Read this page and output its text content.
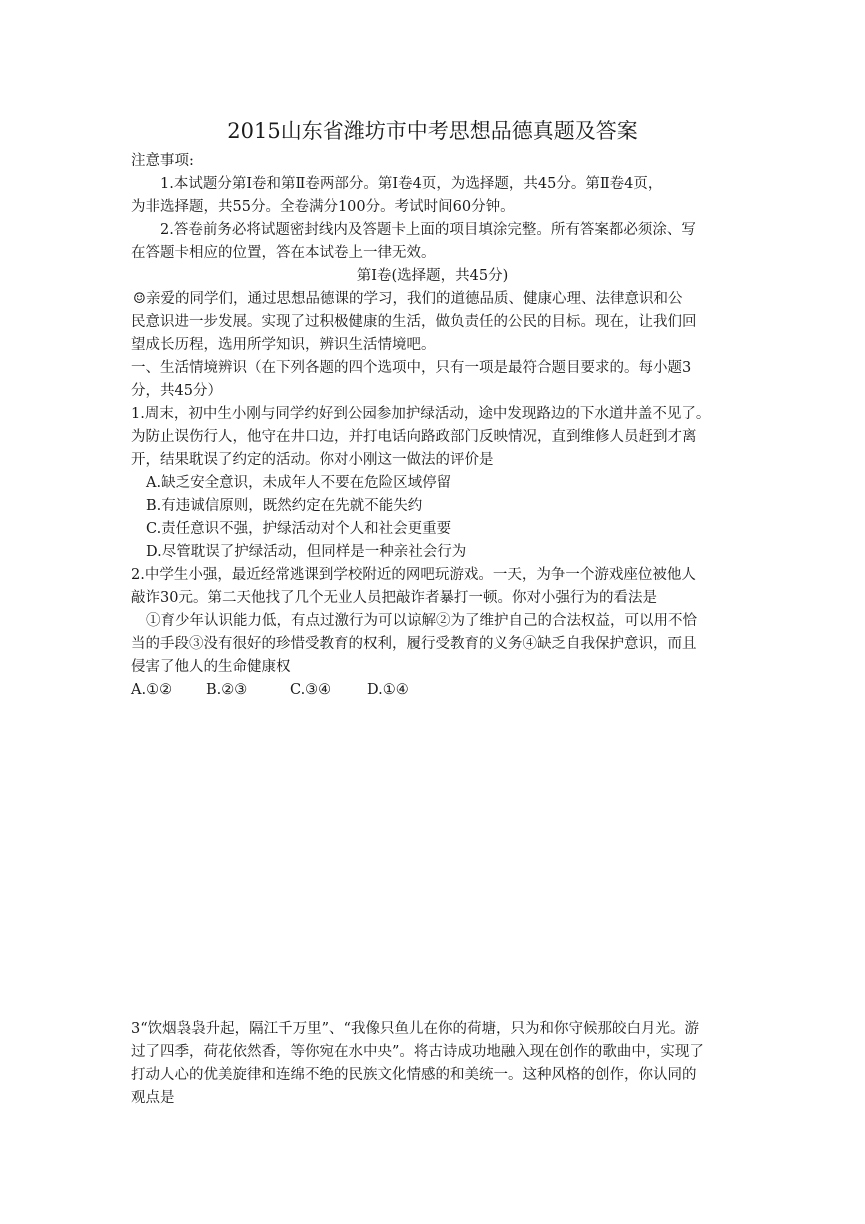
2015山东省潍坊市中考思想品德真题及答案
注意事项:
1.本试题分第Ⅰ卷和第Ⅱ卷两部分。第Ⅰ卷4页，为选择题，共45分。第Ⅱ卷4页，
为非选择题，共55分。全卷满分100分。考试时间60分钟。
2.答卷前务必将试题密封线内及答题卡上面的项目填涂完整。所有答案都必须涂、写
在答题卡相应的位置，答在本试卷上一律无效。
第Ⅰ卷(选择题，共45分)
☺亲爱的同学们，通过思想品德课的学习，我们的道德品质、健康心理、法律意识和公
民意识进一步发展。实现了过积极健康的生活，做负责任的公民的目标。现在，让我们回
望成长历程，选用所学知识，辨识生活情境吧。
一、生活情境辨识（在下列各题的四个选项中，只有一项是最符合题目要求的。每小题3
分，共45分）
1.周末，初中生小刚与同学约好到公园参加护绿活动，途中发现路边的下水道井盖不见了。
为防止误伤行人，他守在井口边，并打电话向路政部门反映情况，直到维修人员赶到才离
开，结果耽误了约定的活动。你对小刚这一做法的评价是
A.缺乏安全意识，未成年人不要在危险区域停留
B.有违诚信原则，既然约定在先就不能失约
C.责任意识不强，护绿活动对个人和社会更重要
D.尽管耽误了护绿活动，但同样是一种亲社会行为
2.中学生小强，最近经常逃课到学校附近的网吧玩游戏。一天，为争一个游戏座位被他人
敲诈30元。第二天他找了几个无业人员把敲诈者暴打一顿。你对小强行为的看法是
①育少年认识能力低，有点过激行为可以谅解②为了维护自己的合法权益，可以用不恰
当的手段③没有很好的珍惜受教育的权利，履行受教育的义务④缺乏自我保护意识，而且
侵害了他人的生命健康权
A.①② B.②③	C.③④ D.①④
3“饮烟袅袅升起，隔江千万里”、“我像只鱼儿在你的荷塘，只为和你守候那皎白月光。游
过了四季，荷花依然香，等你宛在水中央”。将古诗成功地融入现在创作的歌曲中，实现了
打动人心的优美旋律和连绵不绝的民族文化情感的和美统一。这种风格的创作，你认同的
观点是
